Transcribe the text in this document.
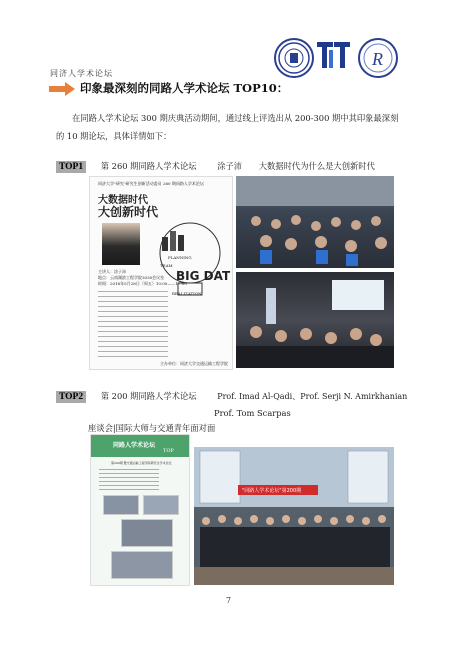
R
同济人学术论坛
印象最深刻的同路人学术论坛 TOP10：
在同路人学术论坛 300 期庆典活动期间，通过线上评选出从 200-300 期中其印象最深刻的 10 期论坛，具体详情如下：
TOP1 第 260 期同路人学术论坛 涂子沛 大数据时代为什么是大创新时代
同济大学"研究"研究生创新活动委员 260 期同路人学术论坛
大数据时代
大创新时代
PLANNING
TEAM
BIG DAT
REALIZATION
主讲人：涂子沛
地点：云南湖滨工程学院3030会议室
时间：2016年5月28日（周五）10:00——17:00
主办单位：同济大学交通运输工程学院
TOP2 第 200 期同路人学术论坛	Prof. Imad Al-Qadi、Prof. Serji N. Amirkhanian
Prof. Tom Scarpas
座谈会|国际大师与交通青年面对面
同路人学术论坛
TOP
第200期 暨交通运输工程学院研究生学术论坛
"同路人学术论坛"第200期
7
